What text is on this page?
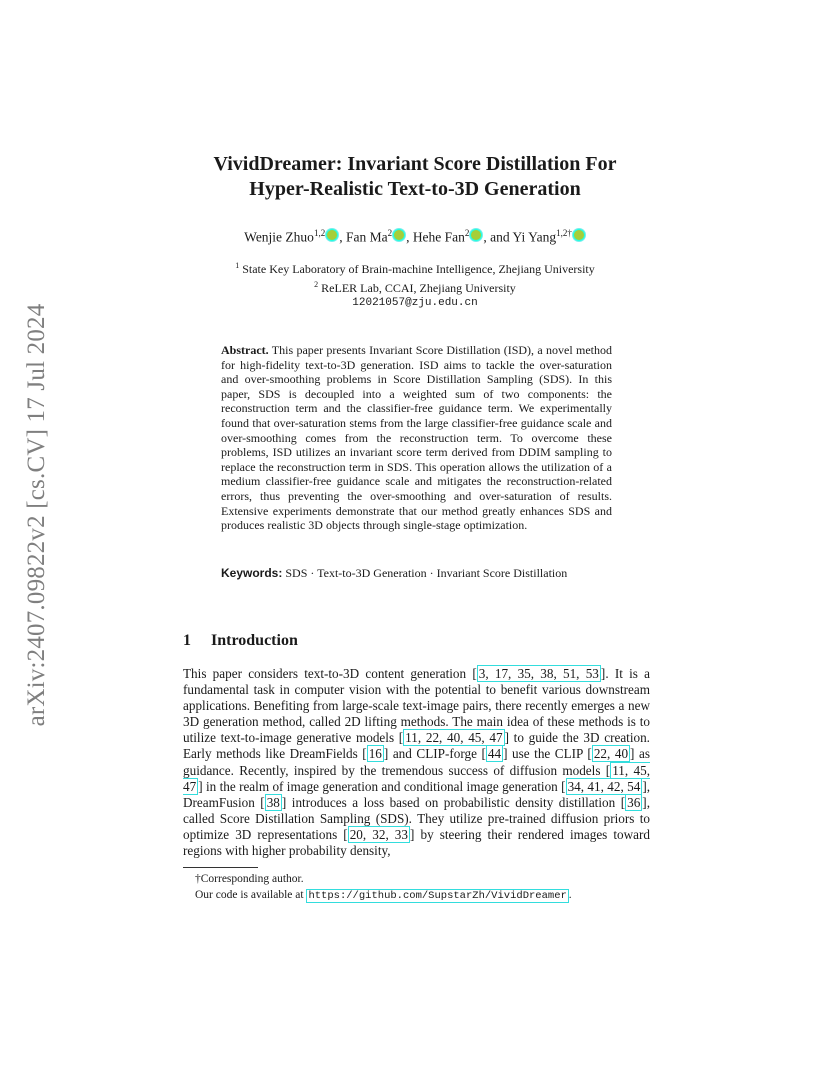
arXiv:2407.09822v2 [cs.CV] 17 Jul 2024
VividDreamer: Invariant Score Distillation For
Hyper-Realistic Text-to-3D Generation
Wenjie Zhuo$^{1,2}$ , Fan Ma$^2$ , Hehe Fan$^2$ , and Yi Yang$^{1,2\dagger}$
$^1$ State Key Laboratory of Brain-machine Intelligence, Zhejiang University
$^2$ ReLER Lab, CCAI, Zhejiang University
12021057@zju.edu.cn
Abstract. This paper presents Invariant Score Distillation (ISD), a novel method for high-fidelity text-to-3D generation. ISD aims to tackle the over-saturation and over-smoothing problems in Score Distillation Sampling (SDS). In this paper, SDS is decoupled into a weighted sum of two components: the reconstruction term and the classifier-free guidance term. We experimentally found that over-saturation stems from the large classifier-free guidance scale and over-smoothing comes from the reconstruction term. To overcome these problems, ISD utilizes an invariant score term derived from DDIM sampling to replace the reconstruction term in SDS. This operation allows the utilization of a medium classifier-free guidance scale and mitigates the reconstruction-related errors, thus preventing the over-smoothing and over-saturation of results. Extensive experiments demonstrate that our method greatly enhances SDS and produces realistic 3D objects through single-stage optimization.
Keywords: SDS · Text-to-3D Generation · Invariant Score Distillation
1 Introduction
This paper considers text-to-3D content generation [ 3, 17, 35, 38, 51, 53 ]. It is a fundamental task in computer vision with the potential to benefit various downstream applications. Benefiting from large-scale text-image pairs, there recently emerges a new 3D generation method, called 2D lifting methods. The main idea of these methods is to utilize text-to-image generative models [ 11, 22, 40, 45, 47 ] to guide the 3D creation. Early methods like DreamFields [ 16 ] and CLIP-forge [ 44 ] use the CLIP [ 22, 40 ] as guidance. Recently, inspired by the tremendous success of diffusion models [ 11, 45, 47 ] in the realm of image generation and conditional image generation [ 34, 41, 42, 54 ], DreamFusion [ 38 ] introduces a loss based on probabilistic density distillation [ 36 ], called Score Distillation Sampling (SDS). They utilize pre-trained diffusion priors to optimize 3D representations [ 20, 32, 33 ] by steering their rendered images toward regions with higher probability density,
†Corresponding author.
Our code is available at https://github.com/SupstarZh/VividDreamer .
